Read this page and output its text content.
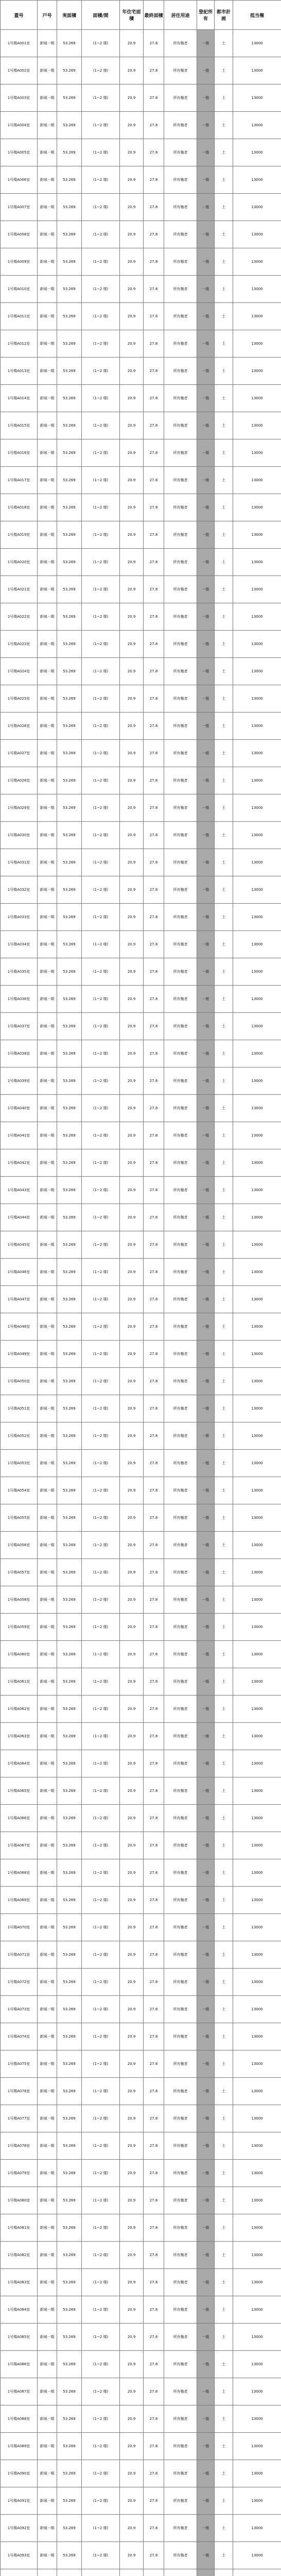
蓋号	戸号	実面積	面積/間	年住宅面積	最終面積	居住用途	登記所有	都市計画	抵当権
1号楼A001室	新城一期	53.269	(1~2 楼)	20.9	27.8	所有権者	一般	土	13000
1号楼A002室	新城一期	53.269	(1~2 楼)	20.9	27.8	所有権者	一般	土	13000
1号楼A003室	新城一期	53.269	(1~2 楼)	20.9	27.8	所有権者	一般	土	13000
1号楼A004室	新城一期	53.269	(1~2 楼)	20.9	27.8	所有権者	一般	土	13000
1号楼A005室	新城一期	53.269	(1~2 楼)	20.9	27.8	所有権者	一般	土	13000
1号楼A006室	新城一期	53.269	(1~2 楼)	20.9	27.8	所有権者	一般	土	13000
1号楼A007室	新城一期	53.269	(1~2 楼)	20.9	27.8	所有権者	一般	土	13000
1号楼A008室	新城一期	53.269	(1~2 楼)	20.9	27.8	所有権者	一般	土	13000
1号楼A009室	新城一期	53.269	(1~2 楼)	20.9	27.8	所有権者	一般	土	13000
1号楼A010室	新城一期	53.269	(1~2 楼)	20.9	27.8	所有権者	一般	土	13000
1号楼A011室	新城一期	53.269	(1~2 楼)	20.9	27.8	所有権者	一般	土	13000
1号楼A012室	新城一期	53.269	(1~2 楼)	20.9	27.8	所有権者	一般	土	13000
1号楼A013室	新城一期	53.269	(1~2 楼)	20.9	27.8	所有権者	一般	土	13000
1号楼A014室	新城一期	53.269	(1~2 楼)	20.9	27.8	所有権者	一般	土	13000
1号楼A015室	新城一期	53.269	(1~2 楼)	20.9	27.8	所有権者	一般	土	13000
1号楼A016室	新城一期	53.269	(1~2 楼)	20.9	27.8	所有権者	一般	土	13000
1号楼A017室	新城一期	53.269	(1~2 楼)	20.9	27.8	所有権者	一般	土	13000
1号楼A018室	新城一期	53.269	(1~2 楼)	20.9	27.8	所有権者	一般	土	13000
1号楼A019室	新城一期	53.269	(1~2 楼)	20.9	27.8	所有権者	一般	土	13000
1号楼A020室	新城一期	53.269	(1~2 楼)	20.9	27.8	所有権者	一般	土	13000
1号楼A021室	新城一期	53.269	(1~2 楼)	20.9	27.8	所有権者	一般	土	13000
1号楼A022室	新城一期	53.269	(1~2 楼)	20.9	27.8	所有権者	一般	土	13000
1号楼A023室	新城一期	53.269	(1~2 楼)	20.9	27.8	所有権者	一般	土	13000
1号楼A024室	新城一期	53.269	(1~2 楼)	20.9	27.8	所有権者	一般	土	13000
1号楼A025室	新城一期	53.269	(1~2 楼)	20.9	27.8	所有権者	一般	土	13000
1号楼A026室	新城一期	53.269	(1~2 楼)	20.9	27.8	所有権者	一般	土	13000
1号楼A027室	新城一期	53.269	(1~2 楼)	20.9	27.8	所有権者	一般	土	13000
1号楼A028室	新城一期	53.269	(1~2 楼)	20.9	27.8	所有権者	一般	土	13000
1号楼A029室	新城一期	53.269	(1~2 楼)	20.9	27.8	所有権者	一般	土	13000
1号楼A030室	新城一期	53.269	(1~2 楼)	20.9	27.8	所有権者	一般	土	13000
1号楼A031室	新城一期	53.269	(1~2 楼)	20.9	27.8	所有権者	一般	土	13000
1号楼A032室	新城一期	53.269	(1~2 楼)	20.9	27.8	所有権者	一般	土	13000
1号楼A033室	新城一期	53.269	(1~2 楼)	20.9	27.8	所有権者	一般	土	13000
1号楼A034室	新城一期	53.269	(1~2 楼)	20.9	27.8	所有権者	一般	土	13000
1号楼A035室	新城一期	53.269	(1~2 楼)	20.9	27.8	所有権者	一般	土	13000
1号楼A036室	新城一期	53.269	(1~2 楼)	20.9	27.8	所有権者	一般	土	13000
1号楼A037室	新城一期	53.269	(1~2 楼)	20.9	27.8	所有権者	一般	土	13000
1号楼A038室	新城一期	53.269	(1~2 楼)	20.9	27.8	所有権者	一般	土	13000
1号楼A039室	新城一期	53.269	(1~2 楼)	20.9	27.8	所有権者	一般	土	13000
1号楼A040室	新城一期	53.269	(1~2 楼)	20.9	27.8	所有権者	一般	土	13000
1号楼A041室	新城一期	53.269	(1~2 楼)	20.9	27.8	所有権者	一般	土	13000
1号楼A042室	新城一期	53.269	(1~2 楼)	20.9	27.8	所有権者	一般	土	13000
1号楼A043室	新城一期	53.269	(1~2 楼)	20.9	27.8	所有権者	一般	土	13000
1号楼A044室	新城一期	53.269	(1~2 楼)	20.9	27.8	所有権者	一般	土	13000
1号楼A045室	新城一期	53.269	(1~2 楼)	20.9	27.8	所有権者	一般	土	13000
1号楼A046室	新城一期	53.269	(1~2 楼)	20.9	27.8	所有権者	一般	土	13000
1号楼A047室	新城一期	53.269	(1~2 楼)	20.9	27.8	所有権者	一般	土	13000
1号楼A048室	新城一期	53.269	(1~2 楼)	20.9	27.8	所有権者	一般	土	13000
1号楼A049室	新城一期	53.269	(1~2 楼)	20.9	27.8	所有権者	一般	土	13000
1号楼A050室	新城一期	53.269	(1~2 楼)	20.9	27.8	所有権者	一般	土	13000
1号楼A051室	新城一期	53.269	(1~2 楼)	20.9	27.8	所有権者	一般	土	13000
1号楼A052室	新城一期	53.269	(1~2 楼)	20.9	27.8	所有権者	一般	土	13000
1号楼A053室	新城一期	53.269	(1~2 楼)	20.9	27.8	所有権者	一般	土	13000
1号楼A054室	新城一期	53.269	(1~2 楼)	20.9	27.8	所有権者	一般	土	13000
1号楼A055室	新城一期	53.269	(1~2 楼)	20.9	27.8	所有権者	一般	土	13000
1号楼A056室	新城一期	53.269	(1~2 楼)	20.9	27.8	所有権者	一般	土	13000
1号楼A057室	新城一期	53.269	(1~2 楼)	20.9	27.8	所有権者	一般	土	13000
1号楼A058室	新城一期	53.269	(1~2 楼)	20.9	27.8	所有権者	一般	土	13000
1号楼A059室	新城一期	53.269	(1~2 楼)	20.9	27.8	所有権者	一般	土	13000
1号楼A060室	新城一期	53.269	(1~2 楼)	20.9	27.8	所有権者	一般	土	13000
1号楼A061室	新城一期	53.269	(1~2 楼)	20.9	27.8	所有権者	一般	土	13000
1号楼A062室	新城一期	53.269	(1~2 楼)	20.9	27.8	所有権者	一般	土	13000
1号楼A063室	新城一期	53.269	(1~2 楼)	20.9	27.8	所有権者	一般	土	13000
1号楼A064室	新城一期	53.269	(1~2 楼)	20.9	27.8	所有権者	一般	土	13000
1号楼A065室	新城一期	53.269	(1~2 楼)	20.9	27.8	所有権者	一般	土	13000
1号楼A066室	新城一期	53.269	(1~2 楼)	20.9	27.8	所有権者	一般	土	13000
1号楼A067室	新城一期	53.269	(1~2 楼)	20.9	27.8	所有権者	一般	土	13000
1号楼A068室	新城一期	53.269	(1~2 楼)	20.9	27.8	所有権者	一般	土	13000
1号楼A069室	新城一期	53.269	(1~2 楼)	20.9	27.8	所有権者	一般	土	13000
1号楼A070室	新城一期	53.269	(1~2 楼)	20.9	27.8	所有権者	一般	土	13000
1号楼A071室	新城一期	53.269	(1~2 楼)	20.9	27.8	所有権者	一般	土	13000
1号楼A072室	新城一期	53.269	(1~2 楼)	20.9	27.8	所有権者	一般	土	13000
1号楼A073室	新城一期	53.269	(1~2 楼)	20.9	27.8	所有権者	一般	土	13000
1号楼A074室	新城一期	53.269	(1~2 楼)	20.9	27.8	所有権者	一般	土	13000
1号楼A075室	新城一期	53.269	(1~2 楼)	20.9	27.8	所有権者	一般	土	13000
1号楼A076室	新城一期	53.269	(1~2 楼)	20.9	27.8	所有権者	一般	土	13000
1号楼A077室	新城一期	53.269	(1~2 楼)	20.9	27.8	所有権者	一般	土	13000
1号楼A078室	新城一期	53.269	(1~2 楼)	20.9	27.8	所有権者	一般	土	13000
1号楼A079室	新城一期	53.269	(1~2 楼)	20.9	27.8	所有権者	一般	土	13000
1号楼A080室	新城一期	53.269	(1~2 楼)	20.9	27.8	所有権者	一般	土	13000
1号楼A081室	新城一期	53.269	(1~2 楼)	20.9	27.8	所有権者	一般	土	13000
1号楼A082室	新城一期	53.269	(1~2 楼)	20.9	27.8	所有権者	一般	土	13000
1号楼A083室	新城一期	53.269	(1~2 楼)	20.9	27.8	所有権者	一般	土	13000
1号楼A084室	新城一期	53.269	(1~2 楼)	20.9	27.8	所有権者	一般	土	13000
1号楼A085室	新城一期	53.269	(1~2 楼)	20.9	27.8	所有権者	一般	土	13000
1号楼A086室	新城一期	53.269	(1~2 楼)	20.9	27.8	所有権者	一般	土	13000
1号楼A087室	新城一期	53.269	(1~2 楼)	20.9	27.8	所有権者	一般	土	13000
1号楼A088室	新城一期	53.269	(1~2 楼)	20.9	27.8	所有権者	一般	土	13000
1号楼A089室	新城一期	53.269	(1~2 楼)	20.9	27.8	所有権者	一般	土	13000
1号楼A090室	新城一期	53.269	(1~2 楼)	20.9	27.8	所有権者	一般	土	13000
1号楼A091室	新城一期	53.269	(1~2 楼)	20.9	27.8	所有権者	一般	土	13000
1号楼A092室	新城一期	53.269	(1~2 楼)	20.9	27.8	所有権者	一般	土	13000
1号楼A093室	新城一期	53.269	(1~2 楼)	20.9	27.8	所有権者	一般	土	13000
